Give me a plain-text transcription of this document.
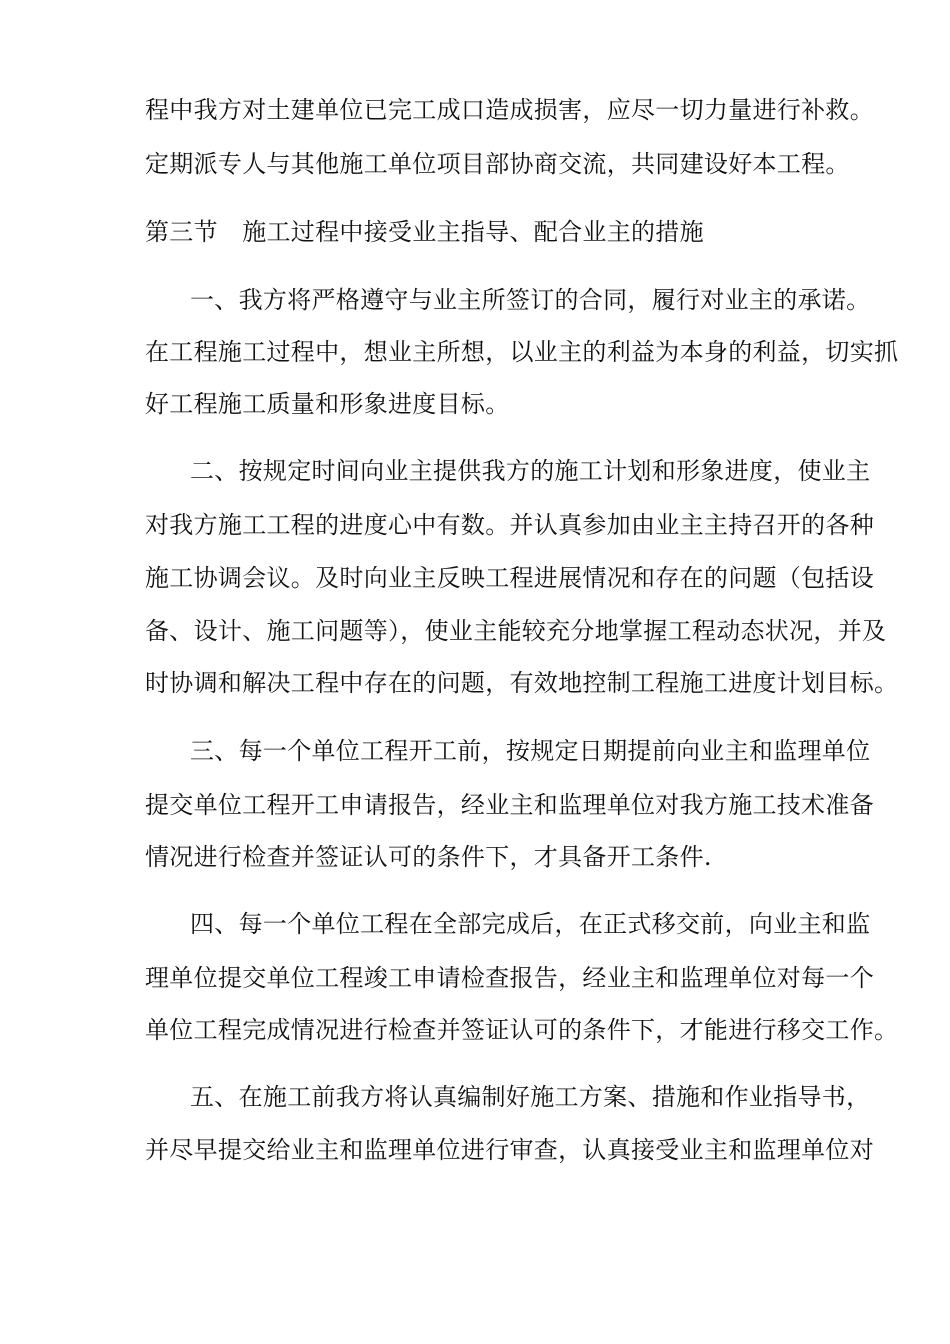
程中我方对土建单位已完工成口造成损害，应尽一切力量进行补救。
定期派专人与其他施工单位项目部协商交流，共同建设好本工程。
第三节　施工过程中接受业主指导、配合业主的措施
一、我方将严格遵守与业主所签订的合同，履行对业主的承诺。
在工程施工过程中，想业主所想，以业主的利益为本身的利益，切实抓
好工程施工质量和形象进度目标。
二、按规定时间向业主提供我方的施工计划和形象进度，使业主
对我方施工工程的进度心中有数。并认真参加由业主主持召开的各种
施工协调会议。及时向业主反映工程进展情况和存在的问题（包括设
备、设计、施工问题等），使业主能较充分地掌握工程动态状况，并及
时协调和解决工程中存在的问题，有效地控制工程施工进度计划目标。
三、每一个单位工程开工前，按规定日期提前向业主和监理单位
提交单位工程开工申请报告，经业主和监理单位对我方施工技术准备
情况进行检查并签证认可的条件下，才具备开工条件.
四、每一个单位工程在全部完成后，在正式移交前，向业主和监
理单位提交单位工程竣工申请检查报告，经业主和监理单位对每一个
单位工程完成情况进行检查并签证认可的条件下，才能进行移交工作。
五、在施工前我方将认真编制好施工方案、措施和作业指导书，
并尽早提交给业主和监理单位进行审查，认真接受业主和监理单位对
